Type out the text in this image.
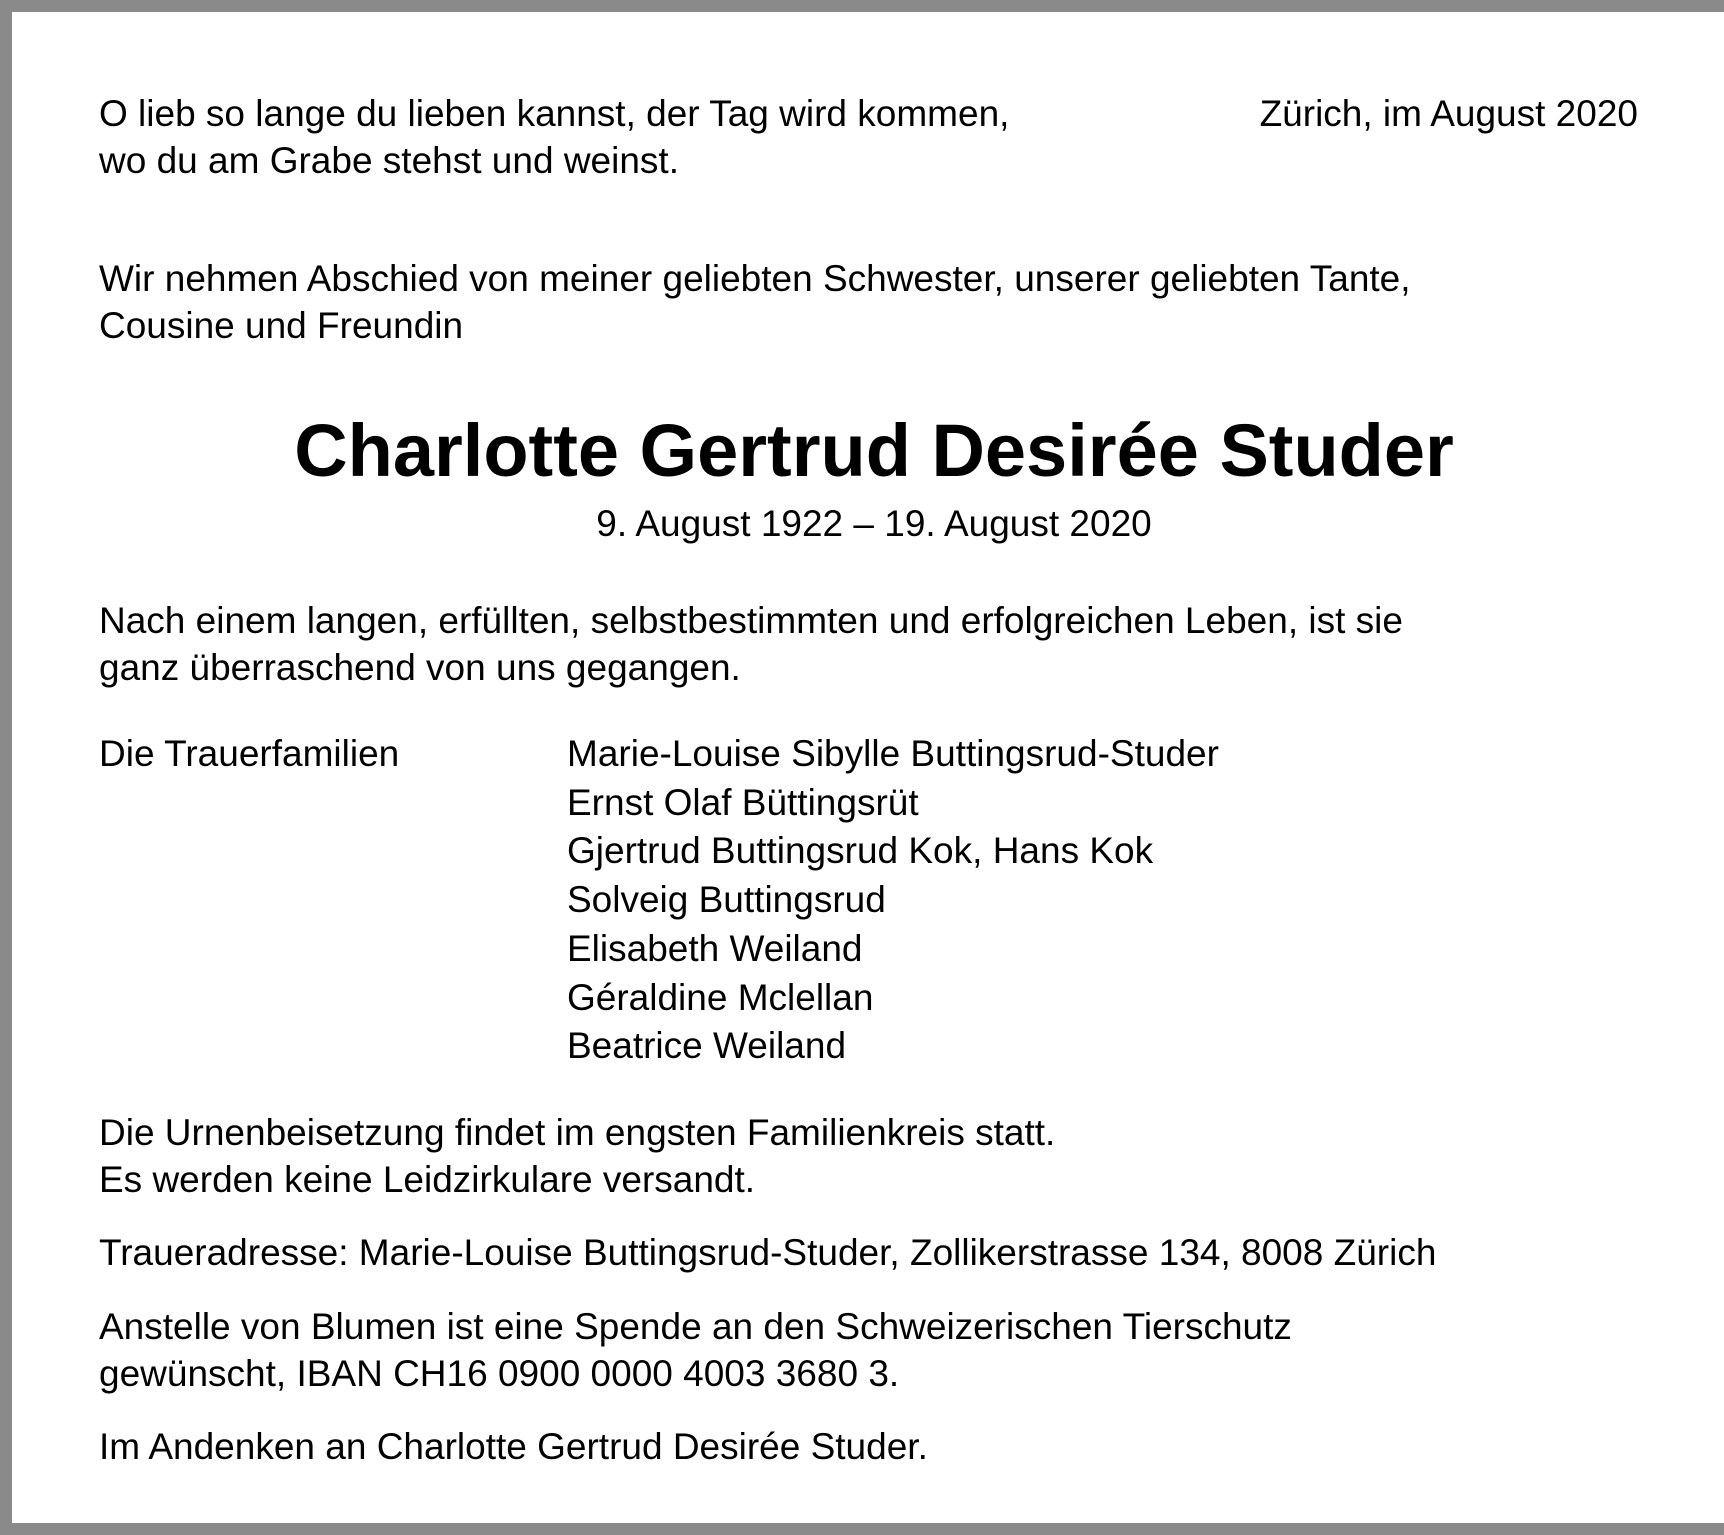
O lieb so lange du lieben kannst, der Tag wird kommen,
wo du am Grabe stehst und weinst.

Zürich, im August 2020

Wir nehmen Abschied von meiner geliebten Schwester, unserer geliebten Tante,
Cousine und Freundin

Charlotte Gertrud Desirée Studer

9. August 1922 – 19. August 2020

Nach einem langen, erfüllten, selbstbestimmten und erfolgreichen Leben, ist sie
ganz überraschend von uns gegangen.

Die Trauerfamilien	Marie-Louise Sibylle Buttingsrud-Studer
Ernst Olaf Büttingsrüt
Gjertrud Buttingsrud Kok, Hans Kok
Solveig Buttingsrud
Elisabeth Weiland
Géraldine Mclellan
Beatrice Weiland

Die Urnenbeisetzung findet im engsten Familienkreis statt.
Es werden keine Leidzirkulare versandt.

Traueradresse: Marie-Louise Buttingsrud-Studer, Zollikerstrasse 134, 8008 Zürich

Anstelle von Blumen ist eine Spende an den Schweizerischen Tierschutz
gewünscht, IBAN CH16 0900 0000 4003 3680 3.

Im Andenken an Charlotte Gertrud Desirée Studer.
